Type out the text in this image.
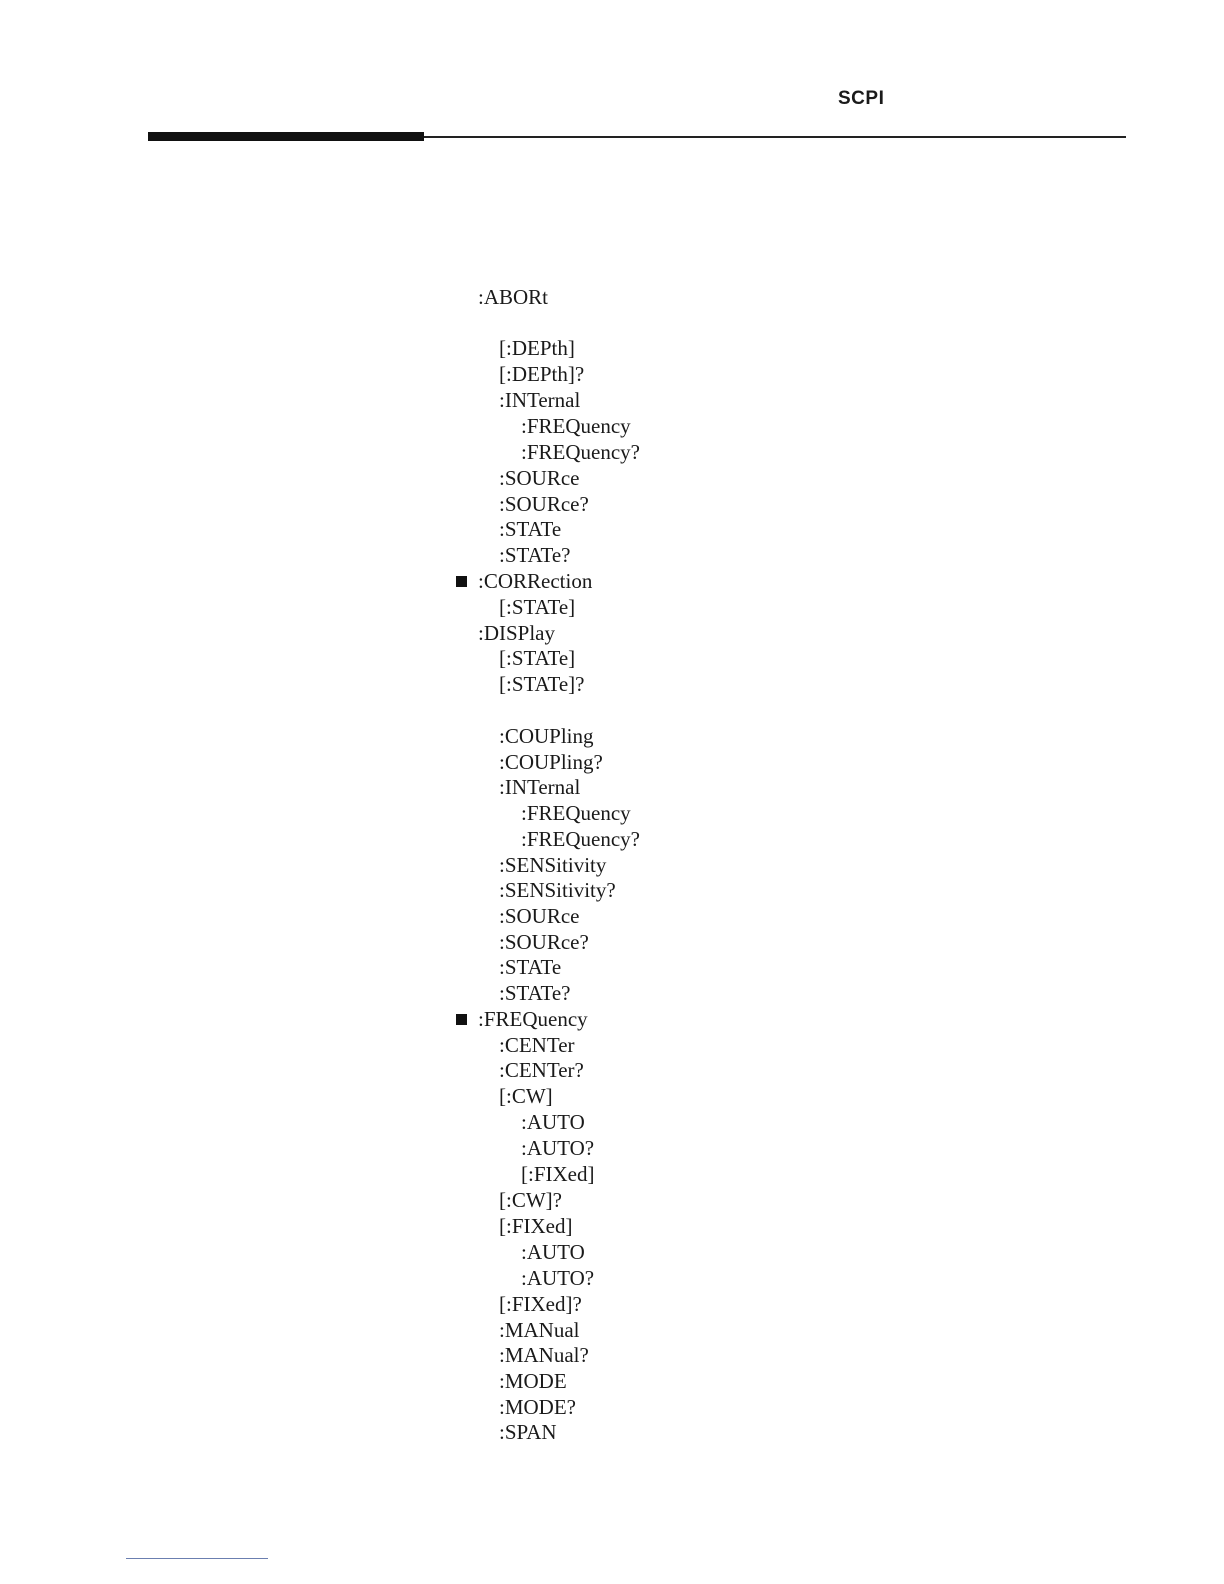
SCPI
:ABORt
[:DEPth]
[:DEPth]?
:INTernal
:FREQuency
:FREQuency?
:SOURce
:SOURce?
:STATe
:STATe?
:CORRection
[:STATe]
:DISPlay
[:STATe]
[:STATe]?
:COUPling
:COUPling?
:INTernal
:FREQuency
:FREQuency?
:SENSitivity
:SENSitivity?
:SOURce
:SOURce?
:STATe
:STATe?
:FREQuency
:CENTer
:CENTer?
[:CW]
:AUTO
:AUTO?
[:FIXed]
[:CW]?
[:FIXed]
:AUTO
:AUTO?
[:FIXed]?
:MANual
:MANual?
:MODE
:MODE?
:SPAN
